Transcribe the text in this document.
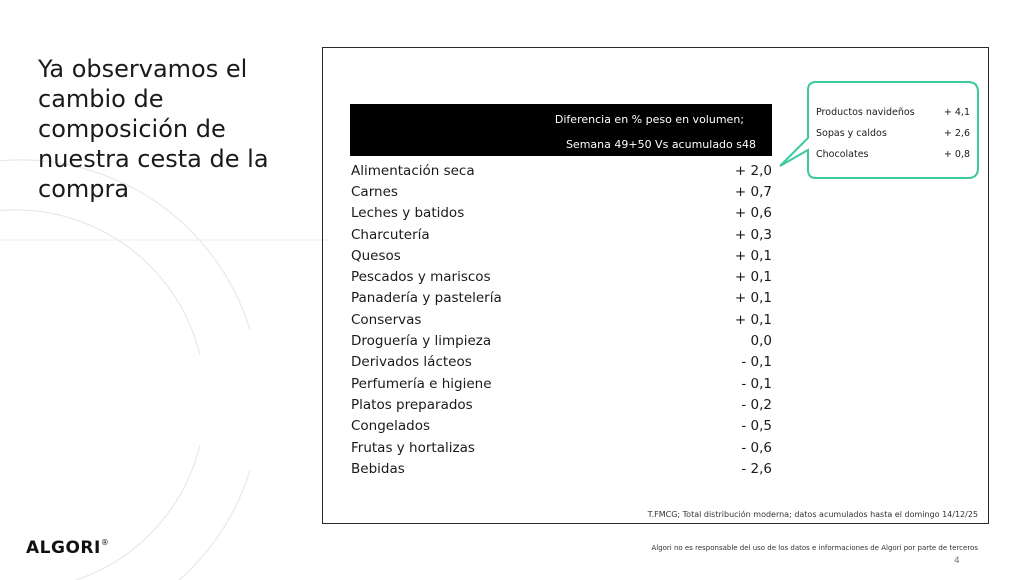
Ya observamos el cambio de composición de nuestra cesta de la compra
Diferencia en % peso en volumen;
Semana 49+50 Vs acumulado s48
Alimentación seca	+ 2,0
Carnes	+ 0,7
Leches y batidos	+ 0,6
Charcutería	+ 0,3
Quesos	+ 0,1
Pescados y mariscos	+ 0,1
Panadería y pastelería	+ 0,1
Conservas	+ 0,1
Droguería y limpieza	0,0
Derivados lácteos	- 0,1
Perfumería e higiene	- 0,1
Platos preparados	- 0,2
Congelados	- 0,5
Frutas y hortalizas	- 0,6
Bebidas	- 2,6
Productos navideños	+ 4,1
Sopas y caldos	+ 2,6
Chocolates	+ 0,8
T.FMCG; Total distribución moderna; datos acumulados hasta el domingo 14/12/25
ALGORI®
Algori no es responsable del uso de los datos e informaciones de Algori por parte de terceros
4
